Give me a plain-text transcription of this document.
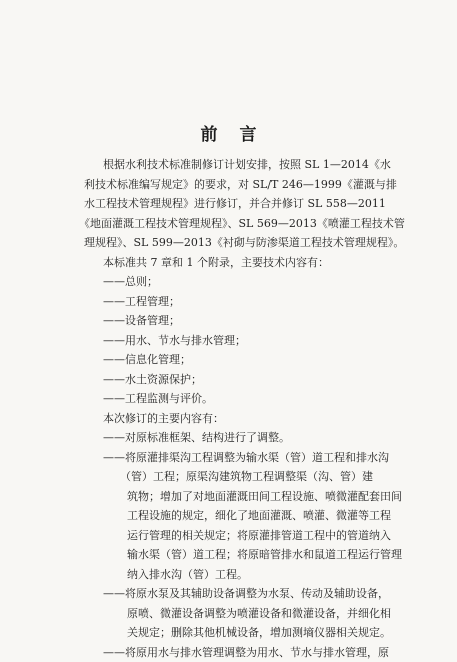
前言
根据水利技术标准制修订计划安排，按照 SL 1—2014《水
利技术标准编写规定》的要求，对 SL/T 246—1999《灌溉与排
水工程技术管理规程》进行修订，并合并修订 SL 558—2011
《地面灌溉工程技术管理规程》、SL 569—2013《喷灌工程技术管
理规程》、SL 599—2013《衬砌与防渗渠道工程技术管理规程》。
本标准共 7 章和 1 个附录，主要技术内容有：
——总则；
——工程管理；
——设备管理；
——用水、节水与排水管理；
——信息化管理；
——水土资源保护；
——工程监测与评价。
本次修订的主要内容有：
——对原标准框架、结构进行了调整。
——将原灌排渠沟工程调整为输水渠（管）道工程和排水沟
（管）工程；原渠沟建筑物工程调整渠（沟、管）建
筑物；增加了对地面灌溉田间工程设施、喷微灌配套田间
工程设施的规定，细化了地面灌溉、喷灌、微灌等工程
运行管理的相关规定；将原灌排管道工程中的管道纳入
输水渠（管）道工程；将原暗管排水和鼠道工程运行管理
纳入排水沟（管）工程。
——将原水泵及其辅助设备调整为水泵、传动及辅助设备，
原喷、微灌设备调整为喷灌设备和微灌设备，并细化相
关规定；删除其他机械设备，增加测墒仪器相关规定。
——将原用水与排水管理调整为用水、节水与排水管理，原
